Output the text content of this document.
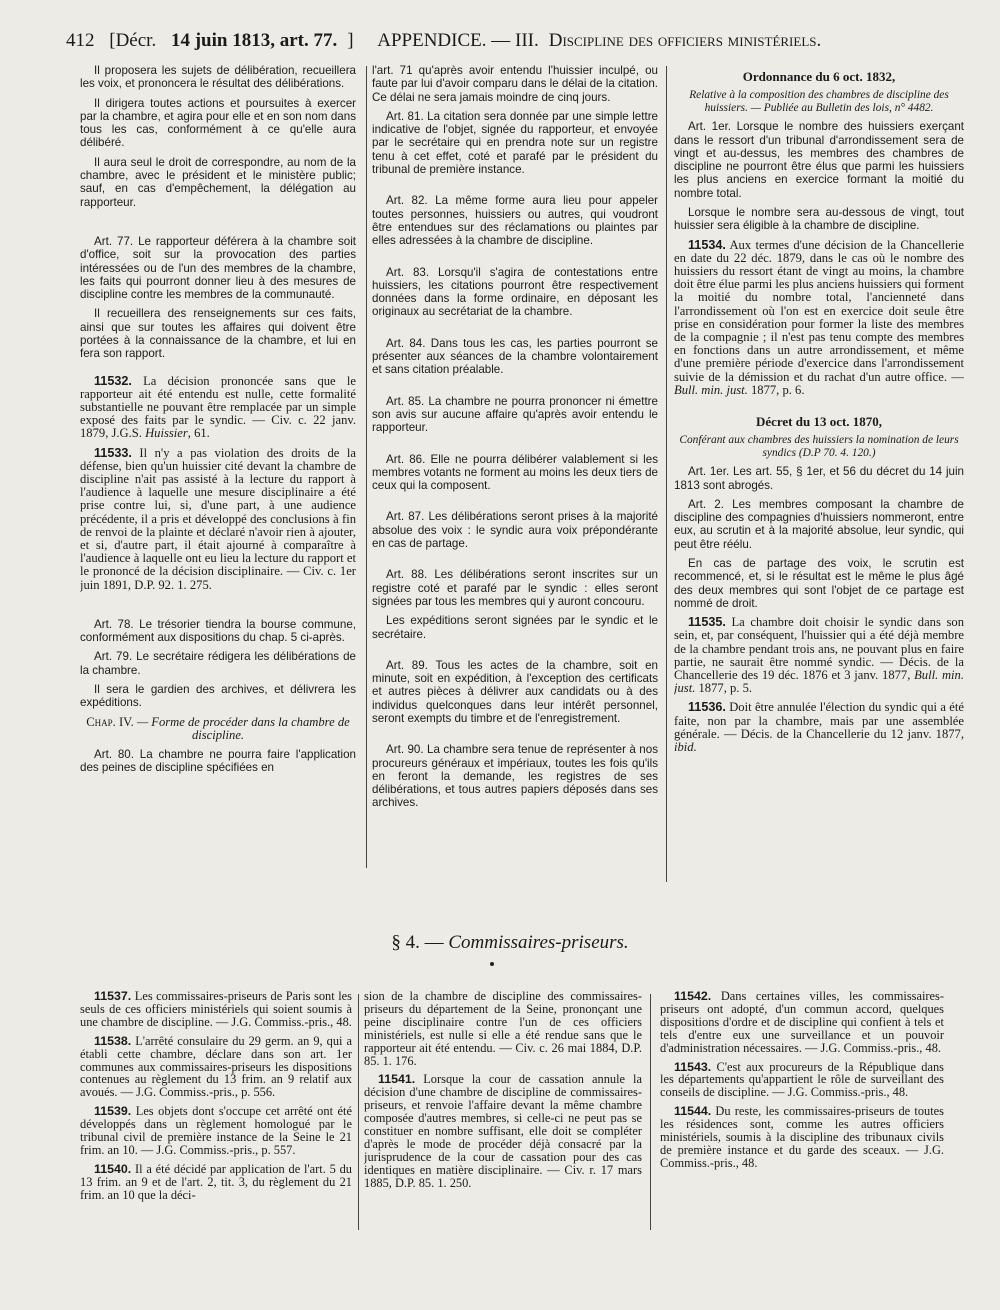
412 [Décr. 14 juin 1813, art. 77. ] APPENDICE. — III. Discipline des officiers ministériels.

Il proposera les sujets de délibération, recueillera les voix, et prononcera le résultat des délibérations.

Il dirigera toutes actions et poursuites à exercer par la chambre, et agira pour elle et en son nom dans tous les cas, conformément à ce qu'elle aura délibéré.

Il aura seul le droit de correspondre, au nom de la chambre, avec le président et le ministère public; sauf, en cas d'empêchement, la délégation au rapporteur.

Art. 77. Le rapporteur déférera à la chambre soit d'office, soit sur la provocation des parties intéressées ou de l'un des membres de la chambre, les faits qui pourront donner lieu à des mesures de discipline contre les membres de la communauté.

Il recueillera des renseignements sur ces faits, ainsi que sur toutes les affaires qui doivent être portées à la connaissance de la chambre, et lui en fera son rapport.

11532. La décision prononcée sans que le rapporteur ait été entendu est nulle, cette formalité substantielle ne pouvant être remplacée par un simple exposé des faits par le syndic. — Civ. c. 22 janv. 1879, J.G.S. Huissier, 61.

11533. Il n'y a pas violation des droits de la défense, bien qu'un huissier cité devant la chambre de discipline n'ait pas assisté à la lecture du rapport à l'audience à laquelle une mesure disciplinaire a été prise contre lui, si, d'une part, à une audience précédente, il a pris et développé des conclusions à fin de renvoi de la plainte et déclaré n'avoir rien à ajouter, et si, d'autre part, il était ajourné à comparaître à l'audience à laquelle ont eu lieu la lecture du rapport et le prononcé de la décision disciplinaire. — Civ. c. 1er juin 1891, D.P. 92. 1. 275.

Art. 78. Le trésorier tiendra la bourse commune, conformément aux dispositions du chap. 5 ci-après.

Art. 79. Le secrétaire rédigera les délibérations de la chambre.

Il sera le gardien des archives, et délivrera les expéditions.

Chap. IV. — Forme de procéder dans la chambre de discipline.

Art. 80. La chambre ne pourra faire l'application des peines de discipline spécifiées en

l'art. 71 qu'après avoir entendu l'huissier inculpé, ou faute par lui d'avoir comparu dans le délai de la citation. Ce délai ne sera jamais moindre de cinq jours.

Art. 81. La citation sera donnée par une simple lettre indicative de l'objet, signée du rapporteur, et envoyée par le secrétaire qui en prendra note sur un registre tenu à cet effet, coté et parafé par le président du tribunal de première instance.

Art. 82. La même forme aura lieu pour appeler toutes personnes, huissiers ou autres, qui voudront être entendues sur des réclamations ou plaintes par elles adressées à la chambre de discipline.

Art. 83. Lorsqu'il s'agira de contestations entre huissiers, les citations pourront être respectivement données dans la forme ordinaire, en déposant les originaux au secrétariat de la chambre.

Art. 84. Dans tous les cas, les parties pourront se présenter aux séances de la chambre volontairement et sans citation préalable.

Art. 85. La chambre ne pourra prononcer ni émettre son avis sur aucune affaire qu'après avoir entendu le rapporteur.

Art. 86. Elle ne pourra délibérer valablement si les membres votants ne forment au moins les deux tiers de ceux qui la composent.

Art. 87. Les délibérations seront prises à la majorité absolue des voix : le syndic aura voix prépondérante en cas de partage.

Art. 88. Les délibérations seront inscrites sur un registre coté et parafé par le syndic : elles seront signées par tous les membres qui y auront concouru.

Les expéditions seront signées par le syndic et le secrétaire.

Art. 89. Tous les actes de la chambre, soit en minute, soit en expédition, à l'exception des certificats et autres pièces à délivrer aux candidats ou à des individus quelconques dans leur intérêt personnel, seront exempts du timbre et de l'enregistrement.

Art. 90. La chambre sera tenue de représenter à nos procureurs généraux et impériaux, toutes les fois qu'ils en feront la demande, les registres de ses délibérations, et tous autres papiers déposés dans ses archives.

Ordonnance du 6 oct. 1832,

Relative à la composition des chambres de discipline des huissiers. — Publiée au Bulletin des lois, n° 4482.

Art. 1er. Lorsque le nombre des huissiers exerçant dans le ressort d'un tribunal d'arrondissement sera de vingt et au-dessus, les membres des chambres de discipline ne pourront être élus que parmi les huissiers les plus anciens en exercice formant la moitié du nombre total.

Lorsque le nombre sera au-dessous de vingt, tout huissier sera éligible à la chambre de discipline.

11534. Aux termes d'une décision de la Chancellerie en date du 22 déc. 1879, dans le cas où le nombre des huissiers du ressort étant de vingt au moins, la chambre doit être élue parmi les plus anciens huissiers qui forment la moitié du nombre total, l'ancienneté dans l'arrondissement où l'on est en exercice doit seule être prise en considération pour former la liste des membres de la compagnie ; il n'est pas tenu compte des membres en fonctions dans un autre arrondissement, et même d'une première période d'exercice dans l'arrondissement suivie de la démission et du rachat d'un autre office. — Bull. min. just. 1877, p. 6.

Décret du 13 oct. 1870,

Conférant aux chambres des huissiers la nomination de leurs syndics (D.P 70. 4. 120.)

Art. 1er. Les art. 55, § 1er, et 56 du décret du 14 juin 1813 sont abrogés.

Art. 2. Les membres composant la chambre de discipline des compagnies d'huissiers nommeront, entre eux, au scrutin et à la majorité absolue, leur syndic, qui peut être réélu.

En cas de partage des voix, le scrutin est recommencé, et, si le résultat est le même le plus âgé des deux membres qui sont l'objet de ce partage est nommé de droit.

11535. La chambre doit choisir le syndic dans son sein, et, par conséquent, l'huissier qui a été déjà membre de la chambre pendant trois ans, ne pouvant plus en faire partie, ne saurait être nommé syndic. — Décis. de la Chancellerie des 19 déc. 1876 et 3 janv. 1877, Bull. min. just. 1877, p. 5.

11536. Doit être annulée l'élection du syndic qui a été faite, non par la chambre, mais par une assemblée générale. — Décis. de la Chancellerie du 12 janv. 1877, ibid.

§ 4. — Commissaires-priseurs.

11537. Les commissaires-priseurs de Paris sont les seuls de ces officiers ministériels qui soient soumis à une chambre de discipline. — J.G. Commiss.-pris., 48.

11538. L'arrêté consulaire du 29 germ. an 9, qui a établi cette chambre, déclare dans son art. 1er communes aux commissaires-priseurs les dispositions contenues au règlement du 13 frim. an 9 relatif aux avoués. — J.G. Commiss.-pris., p. 556.

11539. Les objets dont s'occupe cet arrêté ont été développés dans un règlement homologué par le tribunal civil de première instance de la Seine le 21 frim. an 10. — J.G. Commiss.-pris., p. 557.

11540. Il a été décidé par application de l'art. 5 du 13 frim. an 9 et de l'art. 2, tit. 3, du règlement du 21 frim. an 10 que la déci-

sion de la chambre de discipline des commissaires-priseurs du département de la Seine, prononçant une peine disciplinaire contre l'un de ces officiers ministériels, est nulle si elle a été rendue sans que le rapporteur ait été entendu. — Civ. c. 26 mai 1884, D.P. 85. 1. 176.

11541. Lorsque la cour de cassation annule la décision d'une chambre de discipline de commissaires-priseurs, et renvoie l'affaire devant la même chambre composée d'autres membres, si celle-ci ne peut pas se constituer en nombre suffisant, elle doit se compléter d'après le mode de procéder déjà consacré par la jurisprudence de la cour de cassation pour des cas identiques en matière disciplinaire. — Civ. r. 17 mars 1885, D.P. 85. 1. 250.

11542. Dans certaines villes, les commissaires-priseurs ont adopté, d'un commun accord, quelques dispositions d'ordre et de discipline qui confient à tels et tels d'entre eux une surveillance et un pouvoir d'administration nécessaires. — J.G. Commiss.-pris., 48.

11543. C'est aux procureurs de la République dans les départements qu'appartient le rôle de surveillant des conseils de discipline. — J.G. Commiss.-pris., 48.

11544. Du reste, les commissaires-priseurs de toutes les résidences sont, comme les autres officiers ministériels, soumis à la discipline des tribunaux civils de première instance et du garde des sceaux. — J.G. Commiss.-pris., 48.
